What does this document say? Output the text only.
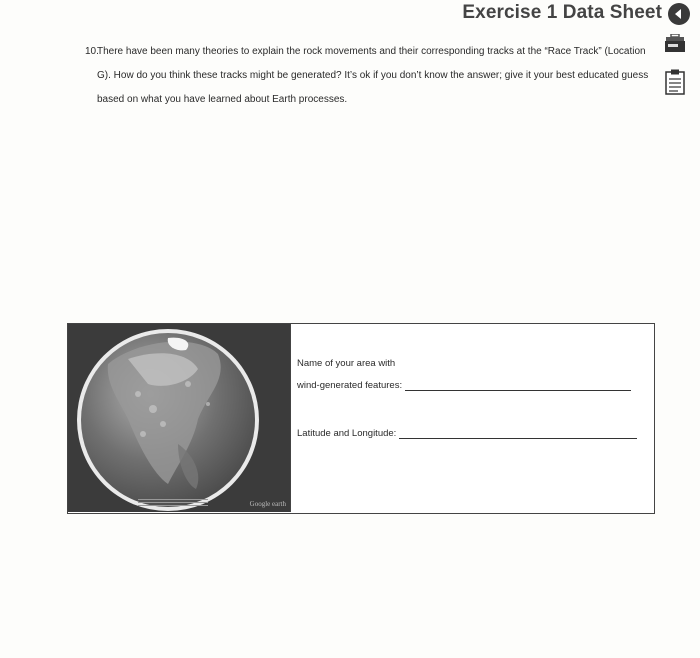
Exercise 1 Data Sheet
10.
There have been many theories to explain the rock movements and their corresponding tracks at the “Race Track” (Location G). How do you think these tracks might be generated? It’s ok if you don’t know the answer; give it your best educated guess based on what you have learned about Earth processes.
Google earth
Name of your area with
wind-generated features:
Latitude and Longitude:
